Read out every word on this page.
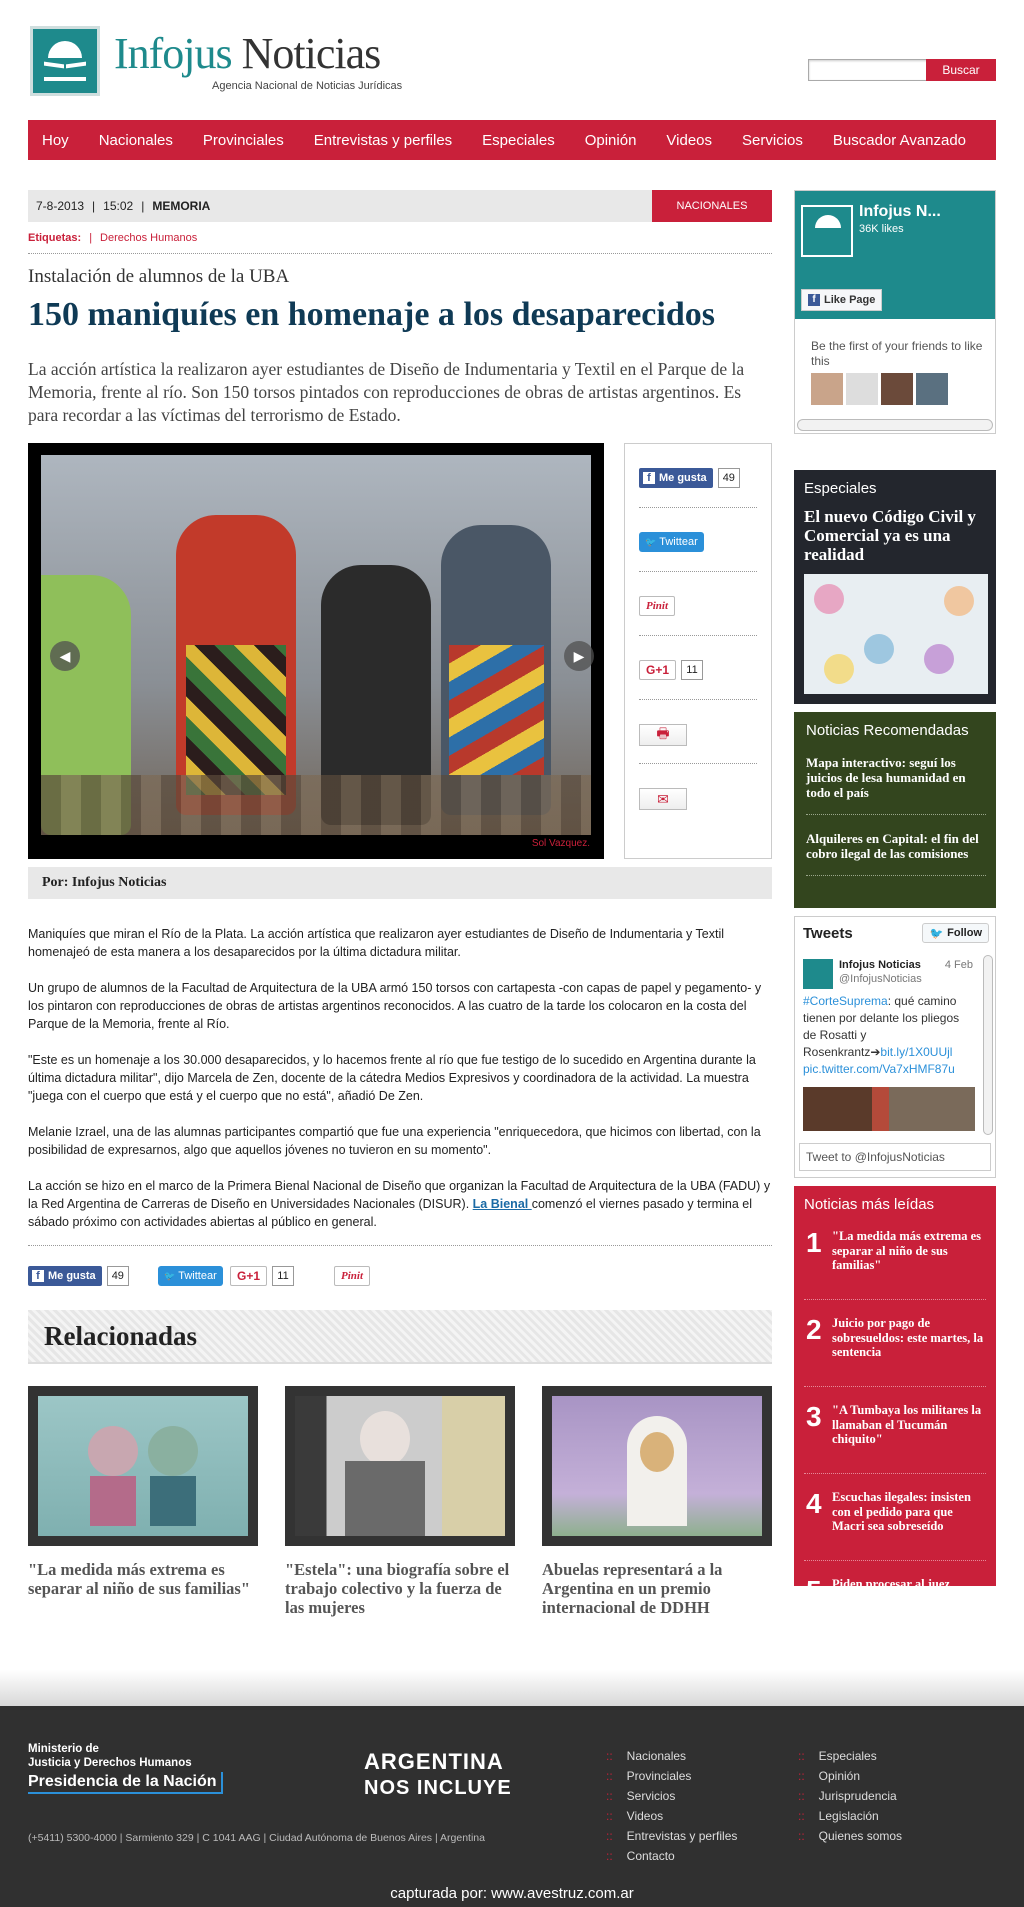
Infojus Noticias
Agencia Nacional de Noticias Jurídicas
Buscar
Hoy Nacionales Provinciales Entrevistas y perfiles Especiales Opinión Videos Servicios Buscador Avanzado
7-8-2013 | 15:02 | MEMORIA	NACIONALES
Etiquetas: | Derechos Humanos
Instalación de alumnos de la UBA
150 maniquíes en homenaje a los desaparecidos
La acción artística la realizaron ayer estudiantes de Diseño de Indumentaria y Textil en el Parque de la Memoria, frente al río. Son 150 torsos pintados con reproducciones de obras de artistas argentinos. Es para recordar a las víctimas del terrorismo de Estado.
◀	▶
Sol Vazquez.
f Me gusta	49
🐦 Twittear
Pinit
G+1	11
🖶
✉
Por: Infojus Noticias

Maniquíes que miran el Río de la Plata. La acción artística que realizaron ayer estudiantes de Diseño de Indumentaria y Textil homenajeó de esta manera a los desaparecidos por la última dictadura militar.

Un grupo de alumnos de la Facultad de Arquitectura de la UBA armó 150 torsos con cartapesta -con capas de papel y pegamento- y los pintaron con reproducciones de obras de artistas argentinos reconocidos. A las cuatro de la tarde los colocaron en la costa del Parque de la Memoria, frente al Río.

"Este es un homenaje a los 30.000 desaparecidos, y lo hacemos frente al río que fue testigo de lo sucedido en Argentina durante la última dictadura militar", dijo Marcela de Zen, docente de la cátedra Medios Expresivos y coordinadora de la actividad. La muestra "juega con el cuerpo que está y el cuerpo que no está", añadió De Zen.

Melanie Izrael, una de las alumnas participantes compartió que fue una experiencia "enriquecedora, que hicimos con libertad, con la posibilidad de expresarnos, algo que aquellos jóvenes no tuvieron en su momento".

La acción se hizo en el marco de la Primera Bienal Nacional de Diseño que organizan la Facultad de Arquitectura de la UBA (FADU) y la Red Argentina de Carreras de Diseño en Universidades Nacionales (DISUR). La Bienal comenzó el viernes pasado y termina el sábado próximo con actividades abiertas al público en general.

f Me gusta	49	🐦 Twittear	G+1	11	Pinit
Relacionadas
"La medida más extrema es separar al niño de sus familias"
"Estela": una biografía sobre el trabajo colectivo y la fuerza de las mujeres
Abuelas representará a la Argentina en un premio internacional de DDHH
Infojus N...
36K likes
f Like Page
Be the first of your friends to like this
Especiales
El nuevo Código Civil y Comercial ya es una realidad
Noticias Recomendadas
Mapa interactivo: seguí los juicios de lesa humanidad en todo el país
Alquileres en Capital: el fin del cobro ilegal de las comisiones
Tweets	🐦 Follow
Infojus Noticias
@InfojusNoticias
4 Feb
#CorteSuprema: qué camino tienen por delante los pliegos de Rosatti y Rosenkrantz➔bit.ly/1X0UUjl pic.twitter.com/Va7xHMF87u
Tweet to @InfojusNoticias
Noticias más leídas
1 "La medida más extrema es separar al niño de sus familias"
2 Juicio por pago de sobresueldos: este martes, la sentencia
3 "A Tumbaya los militares la llamaban el Tucumán chiquito"
4 Escuchas ilegales: insisten con el pedido para que Macri sea sobreseído
5 Piden procesar al juez Reynoso, acusado de beneficiar a narcos
Ministerio de
Justicia y Derechos Humanos
Presidencia de la Nación
(+5411) 5300-4000 | Sarmiento 329 | C 1041 AAG | Ciudad Autónoma de Buenos Aires | Argentina
ARGENTINA
NOS INCLUYE
:: Nacionales
:: Provinciales
:: Servicios
:: Videos
:: Entrevistas y perfiles
:: Contacto
:: Especiales
:: Opinión
:: Jurisprudencia
:: Legislación
:: Quienes somos
capturada por: www.avestruz.com.ar
